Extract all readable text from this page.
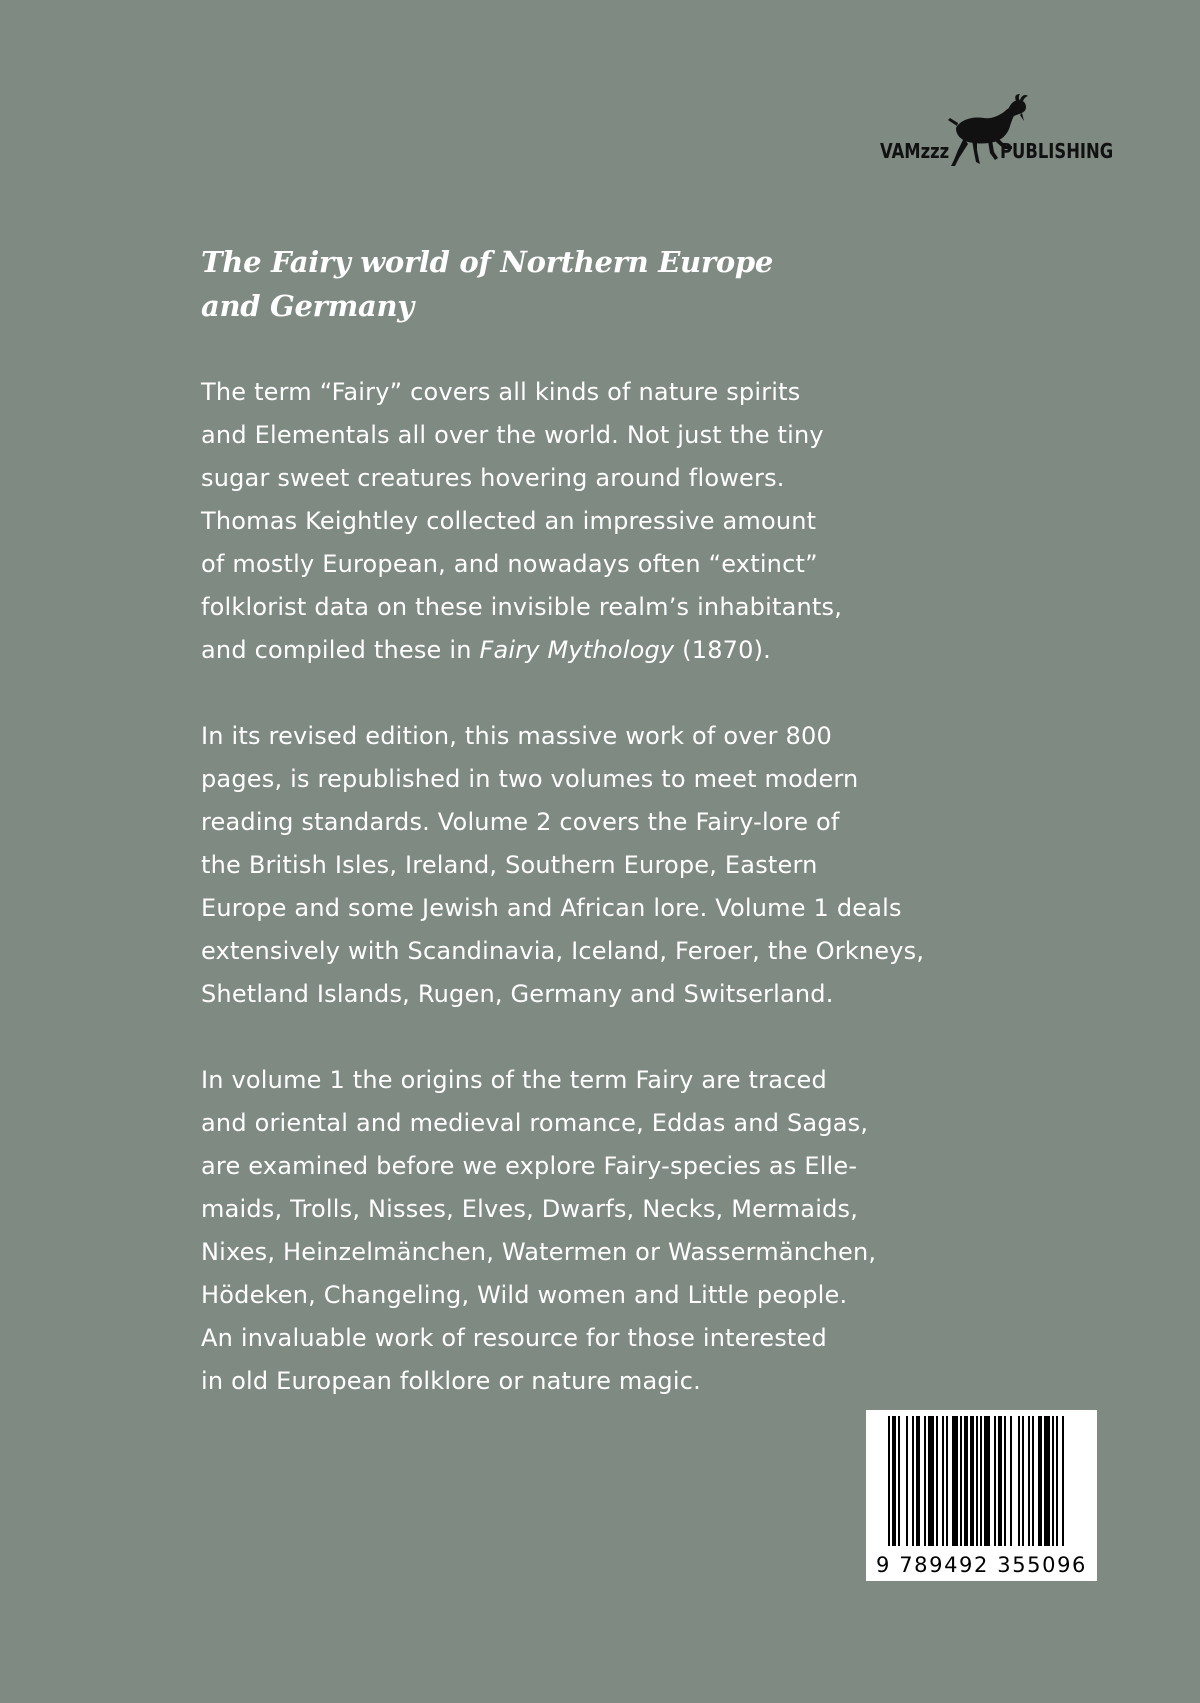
VAMzzz	PUBLISHING
The Fairy world of Northern Europe
and Germany

The term “Fairy” covers all kinds of nature spirits
and Elementals all over the world. Not just the tiny
sugar sweet creatures hovering around flowers.
Thomas Keightley collected an impressive amount
of mostly European, and nowadays often “extinct”
folklorist data on these invisible realm’s inhabitants,
and compiled these in Fairy Mythology (1870).

In its revised edition, this massive work of over 800
pages, is republished in two volumes to meet modern
reading standards. Volume 2 covers the Fairy-lore of
the British Isles, Ireland, Southern Europe, Eastern
Europe and some Jewish and African lore. Volume 1 deals
extensively with Scandinavia, Iceland, Feroer, the Orkneys,
Shetland Islands, Rugen, Germany and Switserland.

In volume 1 the origins of the term Fairy are traced
and oriental and medieval romance, Eddas and Sagas,
are examined before we explore Fairy-species as Elle-
maids, Trolls, Nisses, Elves, Dwarfs, Necks, Mermaids,
Nixes, Heinzelmänchen, Watermen or Wassermänchen,
Hödeken, Changeling, Wild women and Little people.
An invaluable work of resource for those interested
in old European folklore or nature magic.

9 789492 355096
